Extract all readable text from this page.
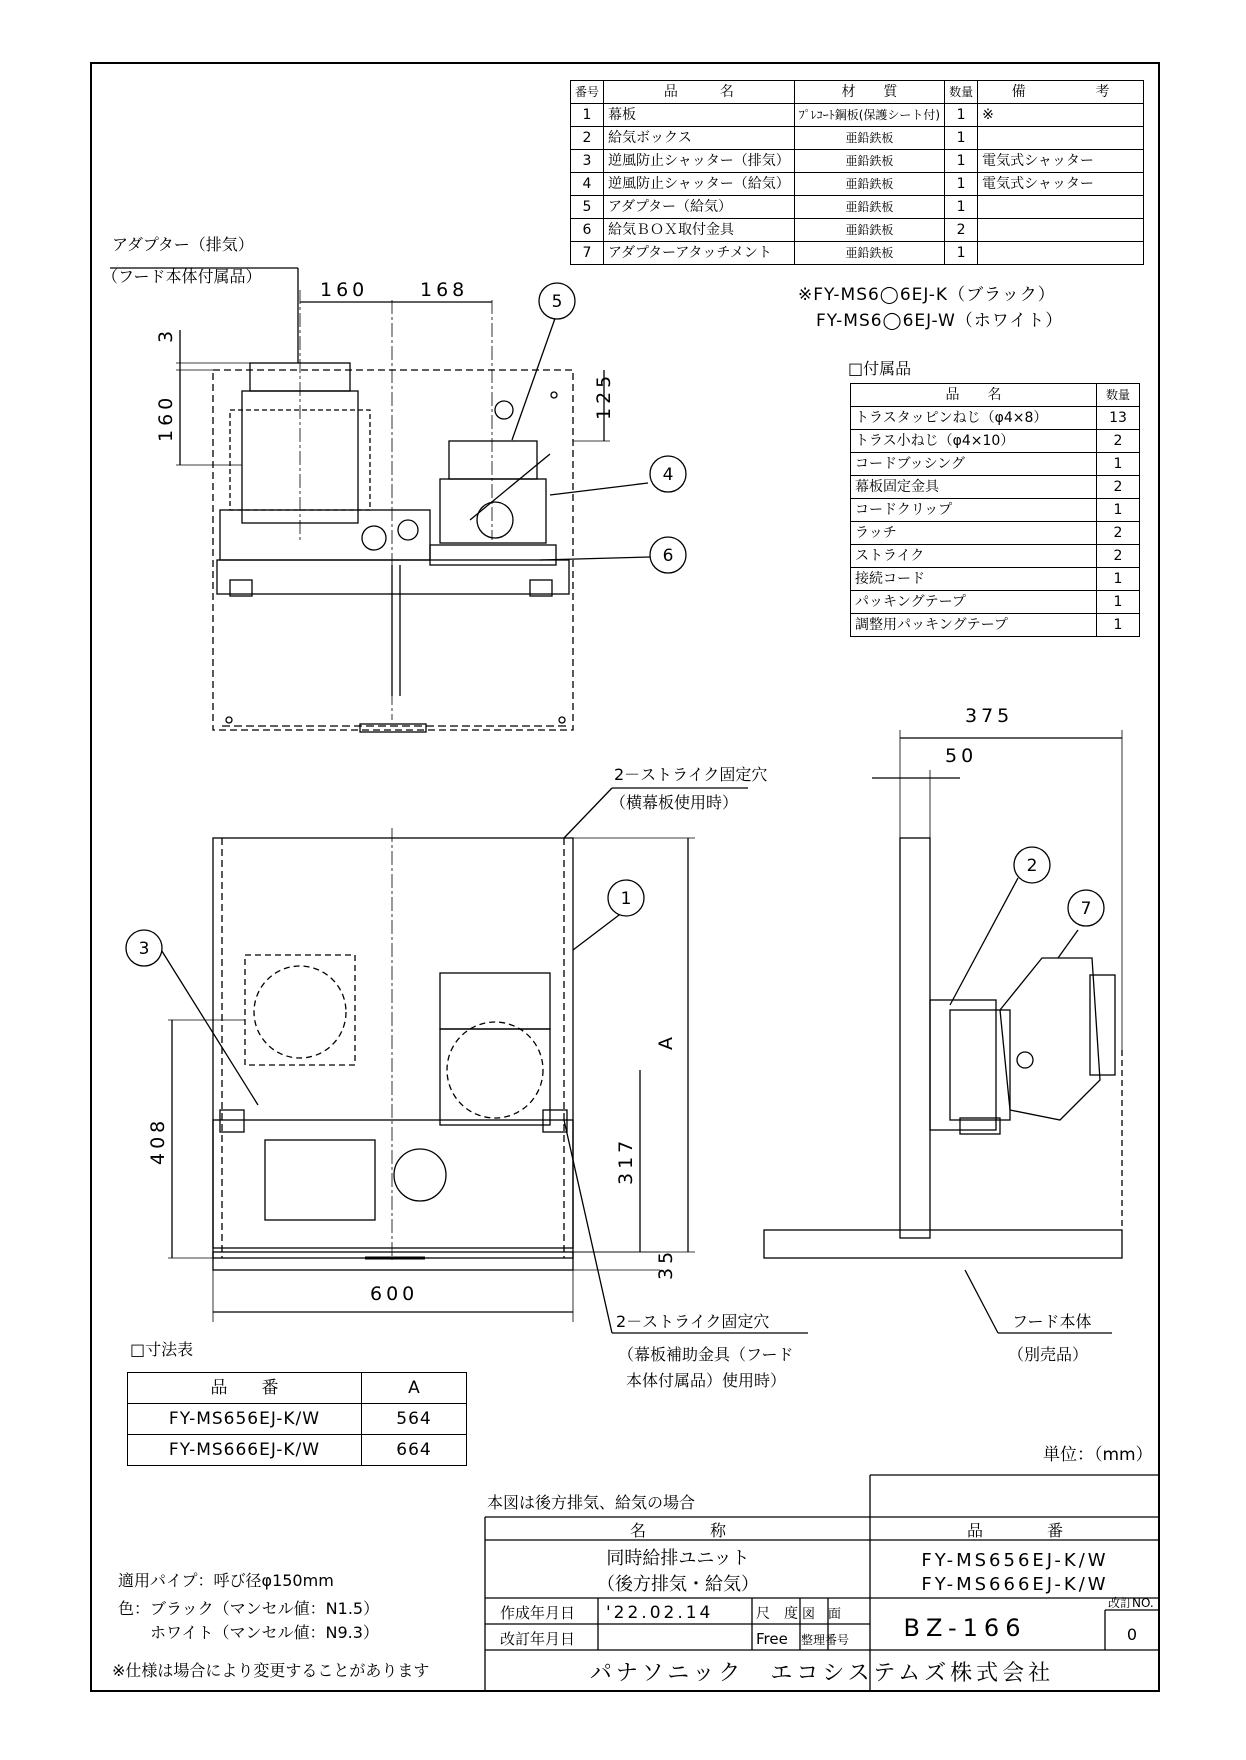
番号	品　　　名	材　　質	数量	備　　　　　考
1	幕板	ﾌﾟﾚｺｰﾄ鋼板(保護シート付)	1	※
2	給気ボックス	亜鉛鉄板	1	
3	逆風防止シャッター（排気）	亜鉛鉄板	1	電気式シャッター
4	逆風防止シャッター（給気）	亜鉛鉄板	1	電気式シャッター
5	アダプター（給気）	亜鉛鉄板	1	
6	給気ＢＯＸ取付金具	亜鉛鉄板	2	
7	アダプターアタッチメント	亜鉛鉄板	1	
※FY-MS6◯6EJ-K（ブラック）
FY-MS6◯6EJ-W（ホワイト）
□付属品
品　　名	数量
トラスタッピンねじ（φ4×8）	13
トラス小ねじ（φ4×10）	2
コードブッシング	1
幕板固定金具	2
コードクリップ	1
ラッチ	2
ストライク	2
接続コード	1
パッキングテープ	1
調整用パッキングテープ	1
□寸法表
品　　番	A
FY-MS656EJ-K/W	564
FY-MS666EJ-K/W	664
1
2
3
4
5
6
7
160	168
375
50
600
3
160	125
408	317
35
A
アダプター（排気）
（フード本体付属品）
2－ストライク固定穴
（横幕板使用時）
2－ストライク固定穴
（幕板補助金具（フード
本体付属品）使用時）
フード本体
（別売品）
単位：（mm）
本図は後方排気、給気の場合
名　　　　称	品　　　　番
同時給排ユニット
（後方排気・給気）
FY-MS656EJ-K/W
FY-MS666EJ-K/W
作成年月日 '22.02.14	尺　度
Free
図　面
整理番号 BZ-166
改訂年月日
改訂NO.
0
パナソニック　エコシステムズ株式会社
適用パイプ：呼び径φ150mm
色：ブラック（マンセル値：N1.5）
ホワイト（マンセル値：N9.3）
※仕様は場合により変更することがあります
